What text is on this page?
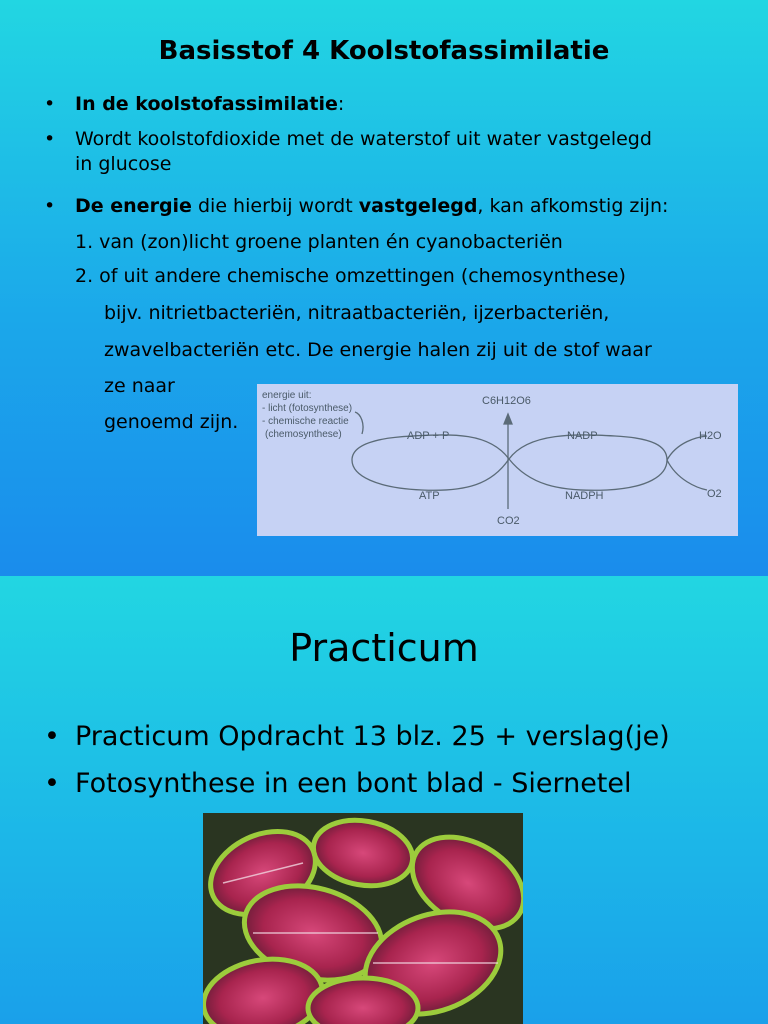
Basisstof 4 Koolstofassimilatie
• In de koolstofassimilatie:
• Wordt koolstofdioxide met de waterstof uit water vastgelegd
in glucose
• De energie die hierbij wordt vastgelegd, kan afkomstig zijn:
1. van (zon)licht groene planten én cyanobacteriën
2. of uit andere chemische omzettingen (chemosynthese)
bijv. nitrietbacteriën, nitraatbacteriën, ijzerbacteriën,
zwavelbacteriën etc. De energie halen zij uit de stof waar
ze naar
genoemd zijn.
energie uit:
- licht (fotosynthese)
- chemische reactie
(chemosynthese)
C6H12O6
ADP + P
ATP
NADP
NADPH
H2O
O2
CO2
Practicum
• Practicum Opdracht 13 blz. 25 + verslag(je)
• Fotosynthese in een bont blad - Siernetel
